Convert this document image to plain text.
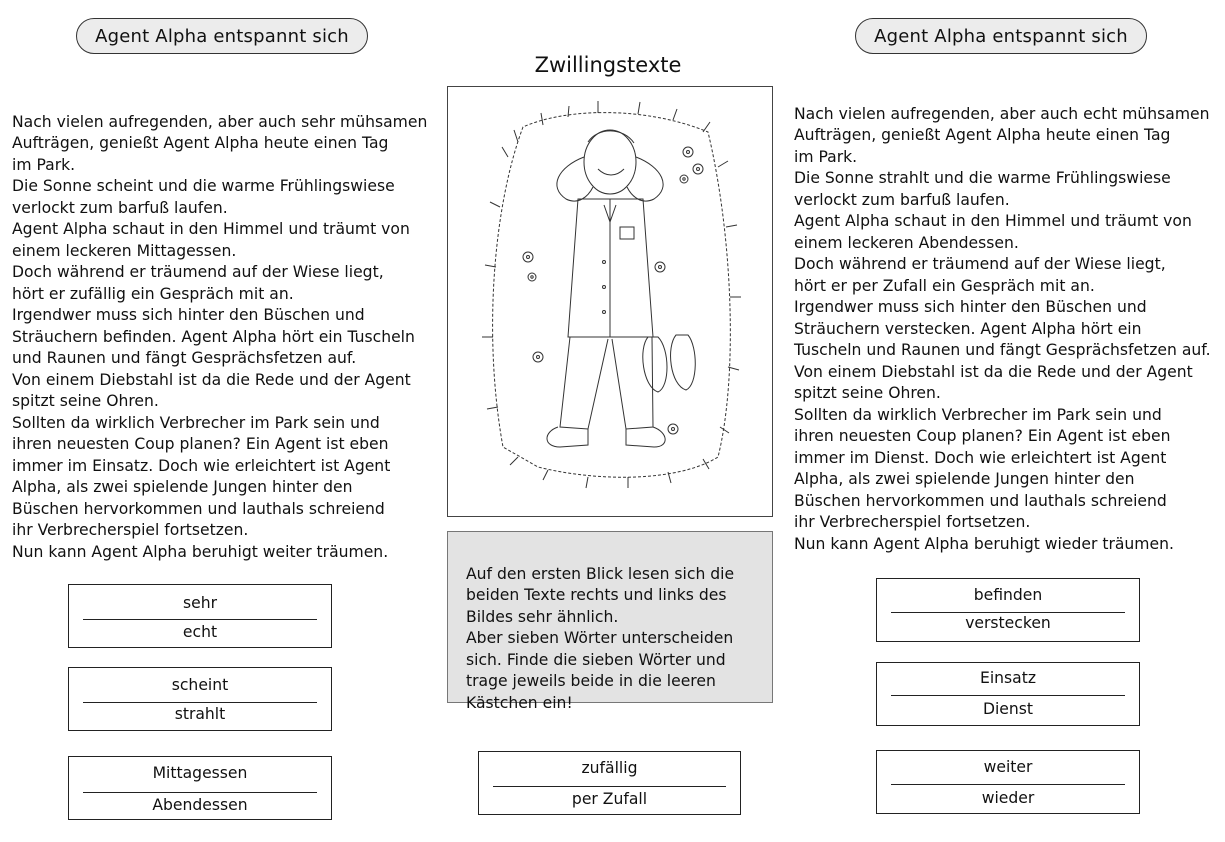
Agent Alpha entspannt sich	Agent Alpha entspannt sich
Zwillingstexte

Nach vielen aufregenden, aber auch sehr mühsamen
Aufträgen, genießt Agent Alpha heute einen Tag
im Park.
Die Sonne scheint und die warme Frühlingswiese
verlockt zum barfuß laufen.
Agent Alpha schaut in den Himmel und träumt von
einem leckeren Mittagessen.
Doch während er träumend auf der Wiese liegt,
hört er zufällig ein Gespräch mit an.
Irgendwer muss sich hinter den Büschen und
Sträuchern befinden. Agent Alpha hört ein Tuscheln
und Raunen und fängt Gesprächsfetzen auf.
Von einem Diebstahl ist da die Rede und der Agent
spitzt seine Ohren.
Sollten da wirklich Verbrecher im Park sein und
ihren neuesten Coup planen? Ein Agent ist eben
immer im Einsatz. Doch wie erleichtert ist Agent
Alpha, als zwei spielende Jungen hinter den
Büschen hervorkommen und lauthals schreiend
ihr Verbrecherspiel fortsetzen.
Nun kann Agent Alpha beruhigt weiter träumen.

Nach vielen aufregenden, aber auch echt mühsamen
Aufträgen, genießt Agent Alpha heute einen Tag
im Park.
Die Sonne strahlt und die warme Frühlingswiese
verlockt zum barfuß laufen.
Agent Alpha schaut in den Himmel und träumt von
einem leckeren Abendessen.
Doch während er träumend auf der Wiese liegt,
hört er per Zufall ein Gespräch mit an.
Irgendwer muss sich hinter den Büschen und
Sträuchern verstecken. Agent Alpha hört ein
Tuscheln und Raunen und fängt Gesprächsfetzen auf.
Von einem Diebstahl ist da die Rede und der Agent
spitzt seine Ohren.
Sollten da wirklich Verbrecher im Park sein und
ihren neuesten Coup planen? Ein Agent ist eben
immer im Dienst. Doch wie erleichtert ist Agent
Alpha, als zwei spielende Jungen hinter den
Büschen hervorkommen und lauthals schreiend
ihr Verbrecherspiel fortsetzen.
Nun kann Agent Alpha beruhigt wieder träumen.

Auf den ersten Blick lesen sich die
beiden Texte rechts und links des
Bildes sehr ähnlich.
Aber sieben Wörter unterscheiden
sich. Finde die sieben Wörter und
trage jeweils beide in die leeren
Kästchen ein!

sehr
echt
scheint
strahlt
Mittagessen
Abendessen
zufällig
per Zufall
befinden
verstecken
Einsatz
Dienst
weiter
wieder
